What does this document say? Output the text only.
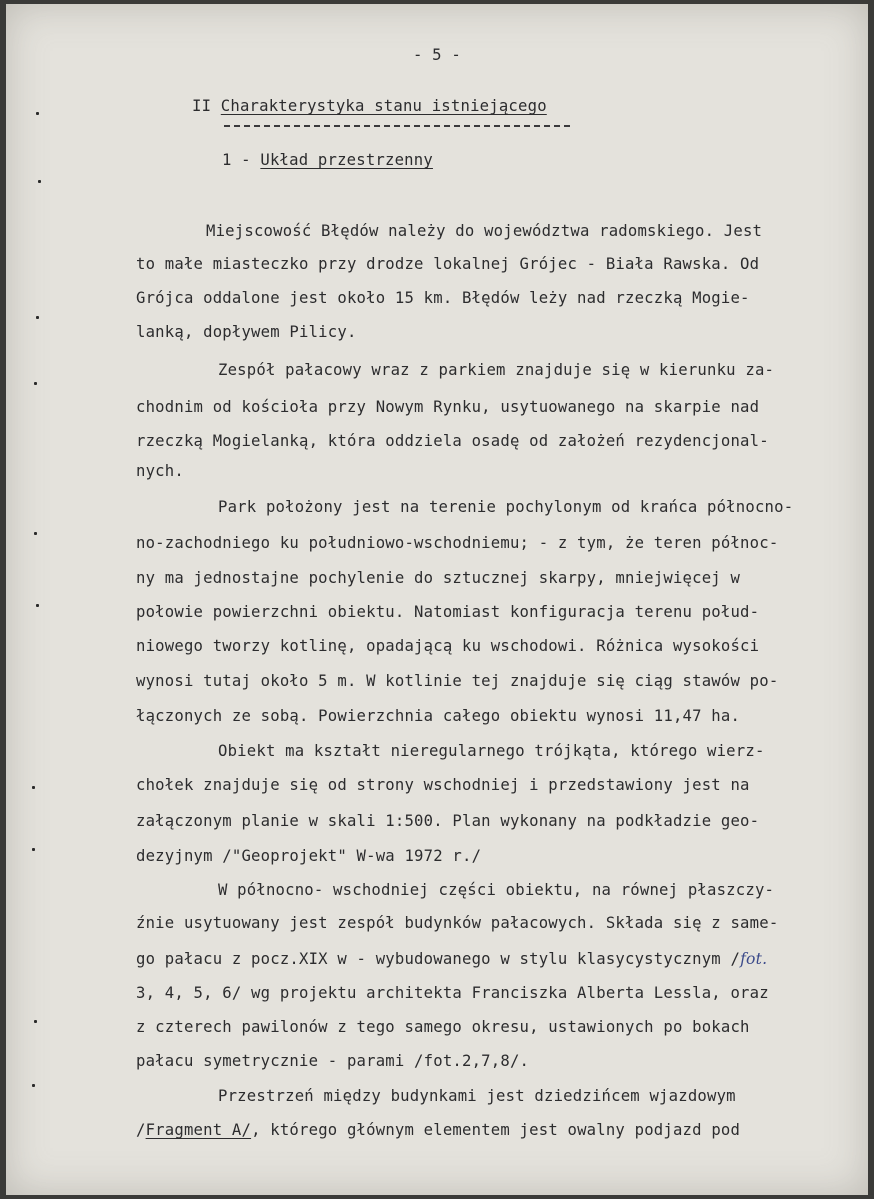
- 5 -

II Charakterystyka stanu istniejącego

1 - Układ przestrzenny

Miejscowość Błędów należy do województwa radomskiego. Jest

to małe miasteczko przy drodze lokalnej Grójec - Biała Rawska. Od

Grójca oddalone jest około 15 km. Błędów leży nad rzeczką Mogie-

lanką, dopływem Pilicy.

Zespół pałacowy wraz z parkiem znajduje się w kierunku za-

chodnim od kościoła przy Nowym Rynku, usytuowanego na skarpie nad

rzeczką Mogielanką, która oddziela osadę od założeń rezydencjonal-

nych.

Park położony jest na terenie pochylonym od krańca północno-

no-zachodniego ku południowo-wschodniemu; - z tym, że teren północ-

ny ma jednostajne pochylenie do sztucznej skarpy, mniejwięcej w

połowie powierzchni obiektu. Natomiast konfiguracja terenu połud-

niowego tworzy kotlinę, opadającą ku wschodowi. Różnica wysokości

wynosi tutaj około 5 m. W kotlinie tej znajduje się ciąg stawów po-

łączonych ze sobą. Powierzchnia całego obiektu wynosi 11,47 ha.

Obiekt ma kształt nieregularnego trójkąta, którego wierz-

chołek znajduje się od strony wschodniej i przedstawiony jest na

załączonym planie w skali 1:500. Plan wykonany na podkładzie geo-

dezyjnym /"Geoprojekt" W-wa 1972 r./

W północno- wschodniej części obiektu, na równej płaszczy-

źnie usytuowany jest zespół budynków pałacowych. Składa się z same-

go pałacu z pocz.XIX w - wybudowanego w stylu klasycystycznym /fot.

3, 4, 5, 6/ wg projektu architekta Franciszka Alberta Lessla, oraz

z czterech pawilonów z tego samego okresu, ustawionych po bokach

pałacu symetrycznie - parami /fot.2,7,8/.

Przestrzeń między budynkami jest dziedzińcem wjazdowym

/Fragment A/, którego głównym elementem jest owalny podjazd pod
